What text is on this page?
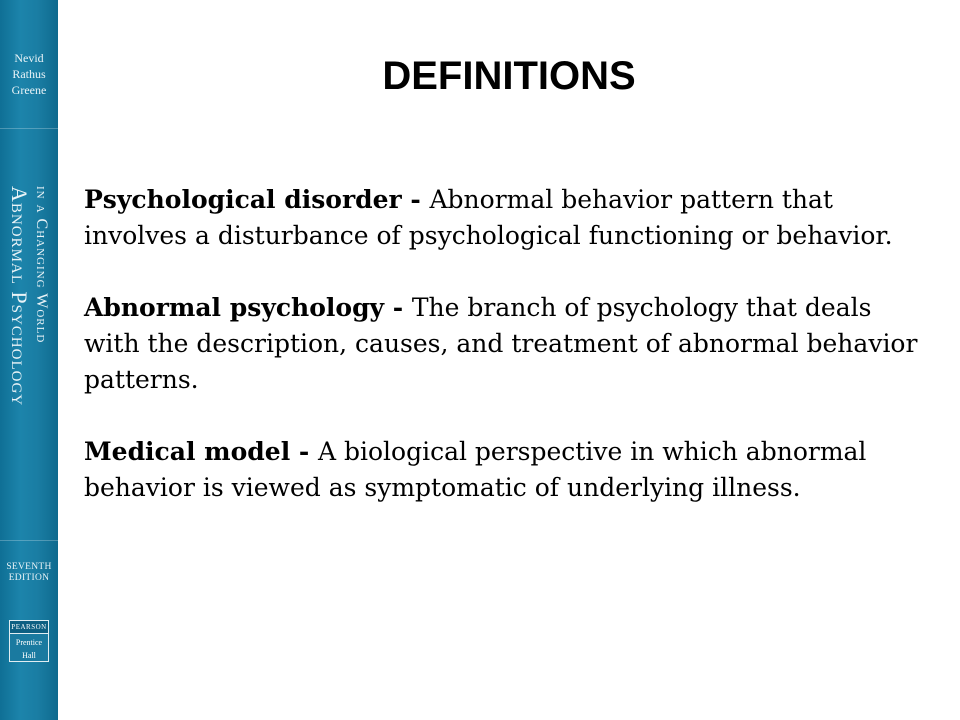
Nevid
Rathus
Greene
Abnormal Psychology in a Changing World
SEVENTH
EDITION
PEARSON
Prentice
Hall
DEFINITIONS

Psychological disorder - Abnormal behavior pattern that involves a disturbance of psychological functioning or behavior.

Abnormal psychology - The branch of psychology that deals with the description, causes, and treatment of abnormal behavior patterns.

Medical model - A biological perspective in which abnormal behavior is viewed as symptomatic of underlying illness.
